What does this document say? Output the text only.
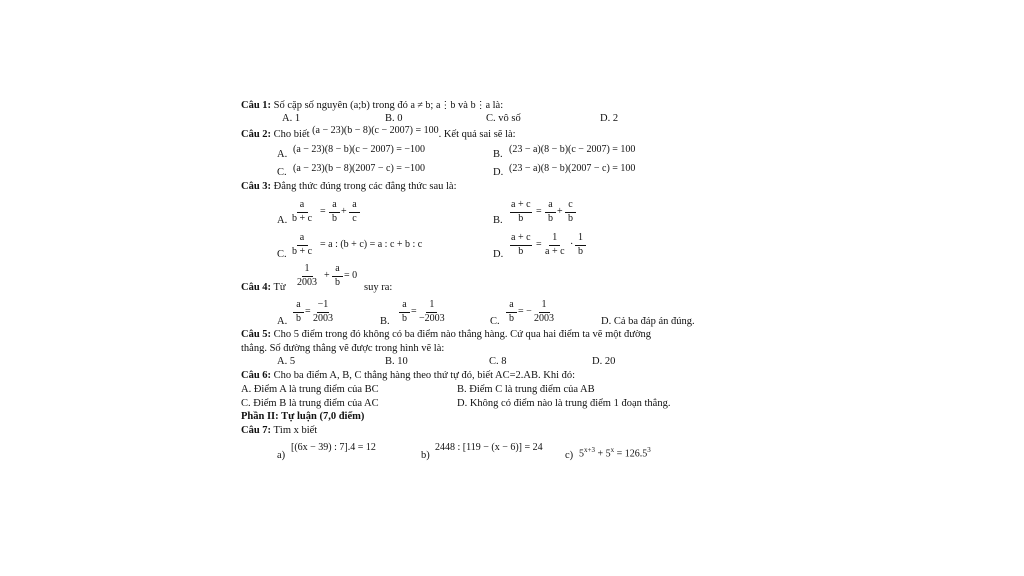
Câu 1: Số cặp số nguyên (a;b) trong đó a ≠ b; a⋮b và b⋮a là:
A. 1	B. 0	C. vô số	D. 2
Câu 2: Cho biết (a − 23)(b − 8)(c − 2007) = 100. Kết quả sai sẽ là:
A. (a − 23)(8 − b)(c − 2007) = −100	B. (23 − a)(8 − b)(c − 2007) = 100
C. (a − 23)(b − 8)(2007 − c) = −100	D. (23 − a)(8 − b)(2007 − c) = 100
Câu 3: Đẳng thức đúng trong các đẳng thức sau là:
A. $\frac{a}{b + c} = \frac{a}{b} + \frac{a}{c}$	B. $\frac{a + c}{b} = \frac{a}{b} + \frac{c}{b}$
C. $\frac{a}{b + c} = a$ : (b + c) = a : c + b : c
D. $\frac{a + c}{b} = \frac{1}{a + c} \cdot \frac{1}{b}$
Câu 4: Từ $\frac{1}{2003} + \frac{a}{b} = 0$
suy ra:
A. $\frac{a}{b} = \frac{-1}{2003}$	B. $\frac{a}{b} = \frac{1}{-2003}$	C. $\frac{a}{b}$ = − $\frac{1}{2003}$	D. Cả ba đáp án đúng.
Câu 5: Cho 5 điểm trong đó không có ba điểm nào thẳng hàng. Cứ qua hai điểm ta vẽ một đường
thẳng. Số đường thẳng vẽ được trong hình vẽ là:
A. 5	B. 10	C. 8	D. 20
Câu 6: Cho ba điểm A, B, C thẳng hàng theo thứ tự đó, biết AC=2.AB. Khi đó:
A. Điểm A là trung điểm của BC	B. Điểm C là trung điểm của AB
C. Điểm B là trung điểm của AC	D. Không có điểm nào là trung điểm 1 đoạn thẳng.
Phần II: Tự luận (7,0 điểm)
Câu 7: Tìm x biết
a)
[(6x − 39) : 7].4 = 12
b)
2448 : [119 − (x − 6)] = 24
c) $5^{x+3} + 5^x = 126.5^3$
